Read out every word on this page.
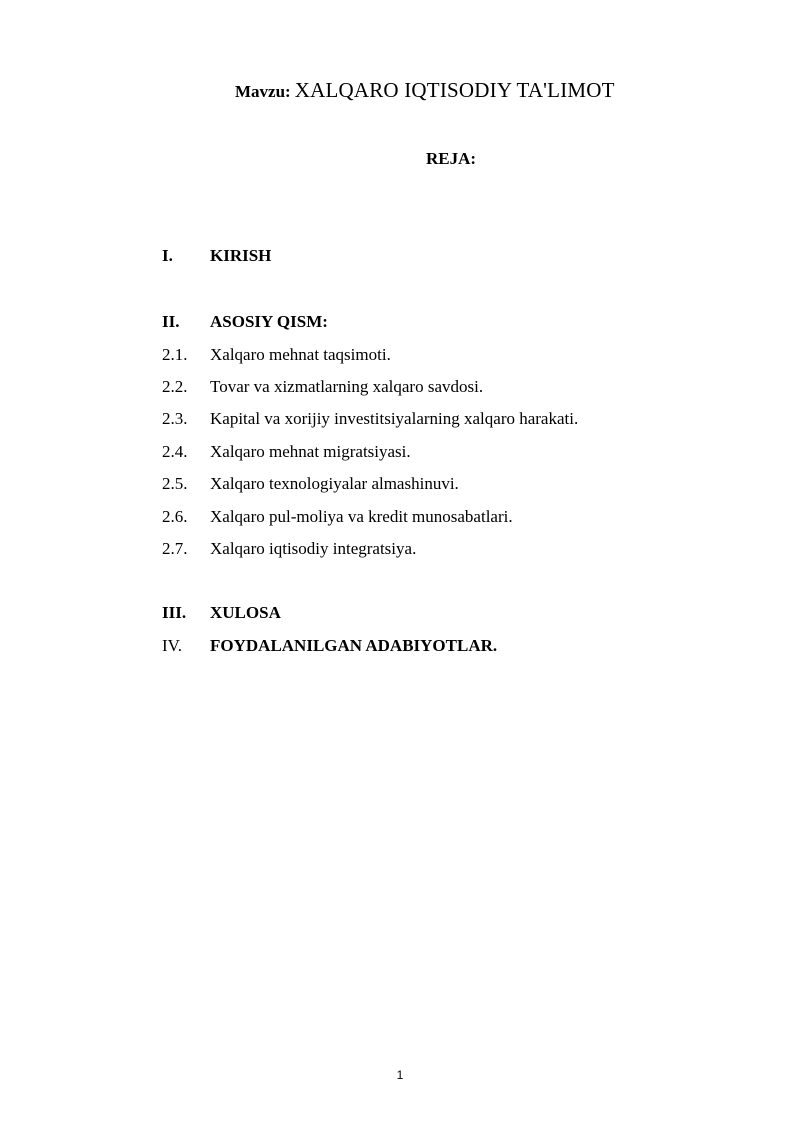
Mavzu: XALQARO IQTISODIY TA'LIMOT
REJA:
I. KIRISH
II. ASOSIY QISM:
2.1. Xalqaro mehnat taqsimoti.
2.2. Tovar va xizmatlarning xalqaro savdosi.
2.3. Kapital va xorijiy investitsiyalarning xalqaro harakati.
2.4. Xalqaro mehnat migratsiyasi.
2.5. Xalqaro texnologiyalar almashinuvi.
2.6. Xalqaro pul-moliya va kredit munosabatlari.
2.7. Xalqaro iqtisodiy integratsiya.
III. XULOSA
IV. FOYDALANILGAN ADABIYOTLAR.
1
